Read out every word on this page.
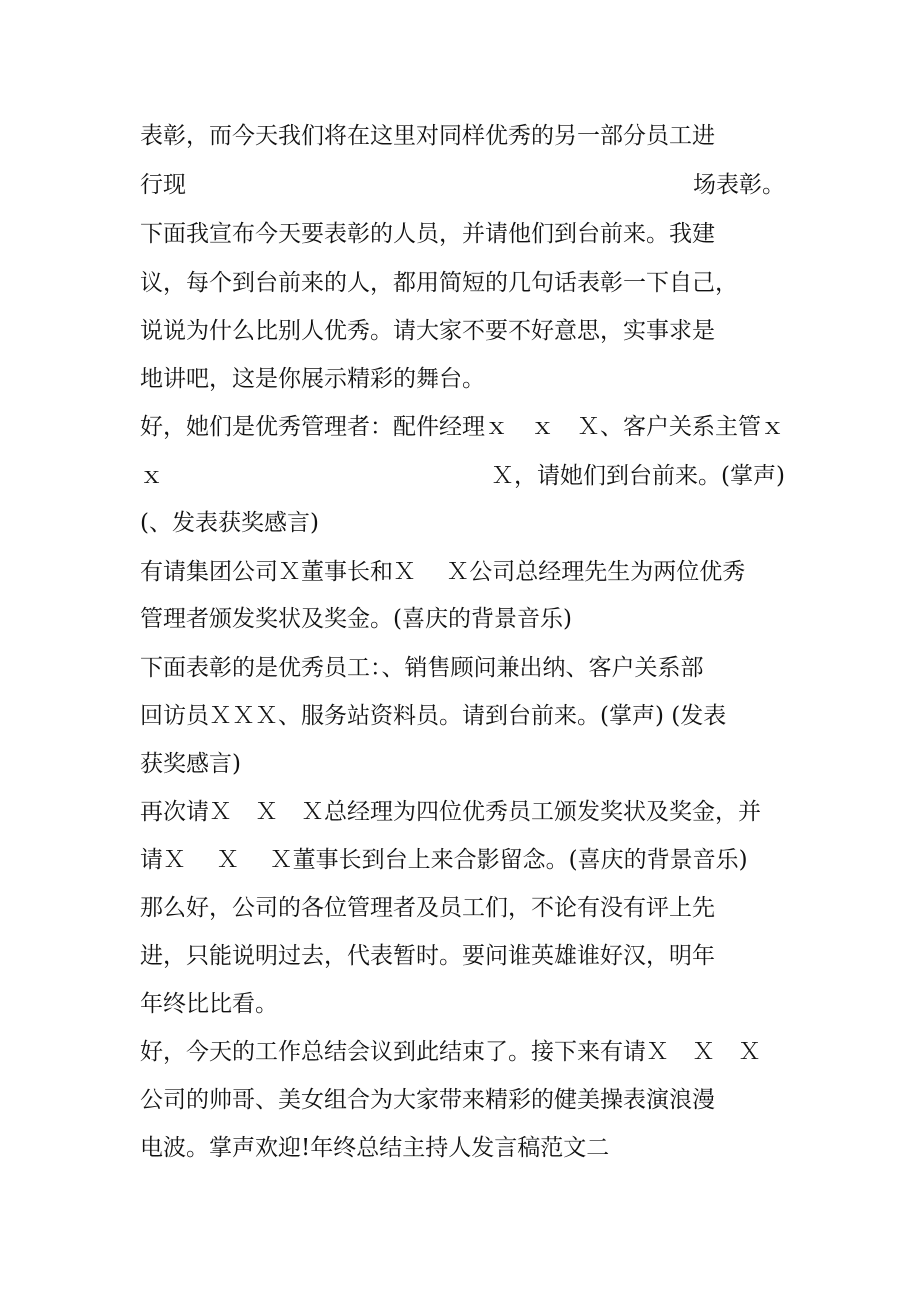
表彰，而今天我们将在这里对同样优秀的另一部分员工进
行现	场表彰。
下面我宣布今天要表彰的人员，并请他们到台前来。我建
议，每个到台前来的人，都用简短的几句话表彰一下自己，
说说为什么比别人优秀。请大家不要不好意思，实事求是
地讲吧，这是你展示精彩的舞台。
好，她们是优秀管理者：配件经理ｘ　ｘ　Ｘ、客户关系主管ｘ
ｘ	Ｘ，请她们到台前来。(掌声)
(、发表获奖感言)
有请集团公司Ｘ董事长和Ｘ　 Ｘ公司总经理先生为两位优秀
管理者颁发奖状及奖金。(喜庆的背景音乐)
下面表彰的是优秀员工：、销售顾问兼出纳、客户关系部
回访员ＸＸＸ、服务站资料员。请到台前来。(掌声) (发表
获奖感言)
再次请Ｘ　Ｘ　Ｘ总经理为四位优秀员工颁发奖状及奖金，并
请Ｘ　 Ｘ　 Ｘ董事长到台上来合影留念。(喜庆的背景音乐)
那么好，公司的各位管理者及员工们，不论有没有评上先
进，只能说明过去，代表暂时。要问谁英雄谁好汉，明年
年终比比看。
好，今天的工作总结会议到此结束了。接下来有请Ｘ　Ｘ　Ｘ
公司的帅哥、美女组合为大家带来精彩的健美操表演浪漫
电波。掌声欢迎!年终总结主持人发言稿范文二
